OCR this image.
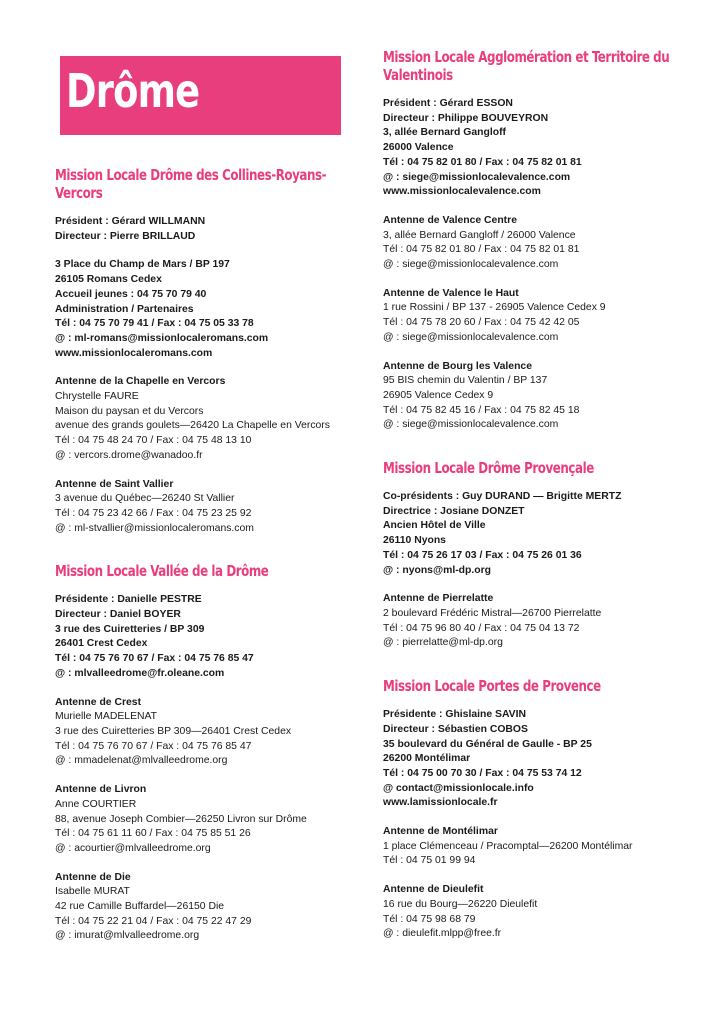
Drôme
Mission Locale Drôme des Collines-Royans-Vercors
Président : Gérard WILLMANN
Directeur : Pierre BRILLAUD
3 Place du Champ de Mars / BP 197
26105 Romans Cedex
Accueil jeunes : 04 75 70 79 40
Administration / Partenaires
Tél : 04 75 70 79 41 / Fax : 04 75 05 33 78
@ : ml-romans@missionlocaleromans.com
www.missionlocaleromans.com
Antenne de la Chapelle en Vercors
Chrystelle FAURE
Maison du paysan et du Vercors
avenue des grands goulets—26420 La Chapelle en Vercors
Tél : 04 75 48 24 70 / Fax : 04 75 48 13 10
@ : vercors.drome@wanadoo.fr
Antenne de Saint Vallier
3 avenue du Québec—26240 St Vallier
Tél : 04 75 23 42 66 / Fax : 04 75 23 25 92
@ : ml-stvallier@missionlocaleromans.com
Mission Locale Vallée de la Drôme
Présidente : Danielle PESTRE
Directeur : Daniel BOYER
3 rue des Cuiretteries / BP 309
26401 Crest Cedex
Tél : 04 75 76 70 67 / Fax : 04 75 76 85 47
@ : mlvalleedrome@fr.oleane.com
Antenne de Crest
Murielle MADELENAT
3 rue des Cuiretteries BP 309—26401 Crest Cedex
Tél : 04 75 76 70 67 / Fax : 04 75 76 85 47
@ : mmadelenat@mlvalleedrome.org
Antenne de Livron
Anne COURTIER
88, avenue Joseph Combier—26250 Livron sur Drôme
Tél : 04 75 61 11 60 / Fax : 04 75 85 51 26
@ : acourtier@mlvalleedrome.org
Antenne de Die
Isabelle MURAT
42 rue Camille Buffardel—26150 Die
Tél : 04 75 22 21 04 / Fax : 04 75 22 47 29
@ : imurat@mlvalleedrome.org
Mission Locale Agglomération et Territoire du Valentinois
Président : Gérard ESSON
Directeur : Philippe BOUVEYRON
3, allée Bernard Gangloff
26000 Valence
Tél : 04 75 82 01 80 / Fax : 04 75 82 01 81
@ : siege@missionlocalevalence.com
www.missionlocalevalence.com
Antenne de Valence Centre
3, allée Bernard Gangloff / 26000 Valence
Tél : 04 75 82 01 80 / Fax : 04 75 82 01 81
@ : siege@missionlocalevalence.com
Antenne de Valence le Haut
1 rue Rossini / BP 137 - 26905 Valence Cedex 9
Tél : 04 75 78 20 60 / Fax : 04 75 42 42 05
@ : siege@missionlocalevalence.com
Antenne de Bourg les Valence
95 BIS chemin du Valentin / BP 137
26905 Valence Cedex 9
Tél : 04 75 82 45 16 / Fax : 04 75 82 45 18
@ : siege@missionlocalevalence.com
Mission Locale Drôme Provençale
Co-présidents : Guy DURAND — Brigitte MERTZ
Directrice : Josiane DONZET
Ancien Hôtel de Ville
26110 Nyons
Tél : 04 75 26 17 03 / Fax : 04 75 26 01 36
@ : nyons@ml-dp.org
Antenne de Pierrelatte
2 boulevard Frédéric Mistral—26700 Pierrelatte
Tél : 04 75 96 80 40 / Fax : 04 75 04 13 72
@ : pierrelatte@ml-dp.org
Mission Locale Portes de Provence
Présidente : Ghislaine SAVIN
Directeur : Sébastien COBOS
35 boulevard du Général de Gaulle - BP 25
26200 Montélimar
Tél : 04 75 00 70 30 / Fax : 04 75 53 74 12
@ contact@missionlocale.info
www.lamissionlocale.fr
Antenne de Montélimar
1 place Clémenceau / Pracomptal—26200 Montélimar
Tél : 04 75 01 99 94
Antenne de Dieulefit
16 rue du Bourg—26220 Dieulefit
Tél : 04 75 98 68 79
@ : dieulefit.mlpp@free.fr
